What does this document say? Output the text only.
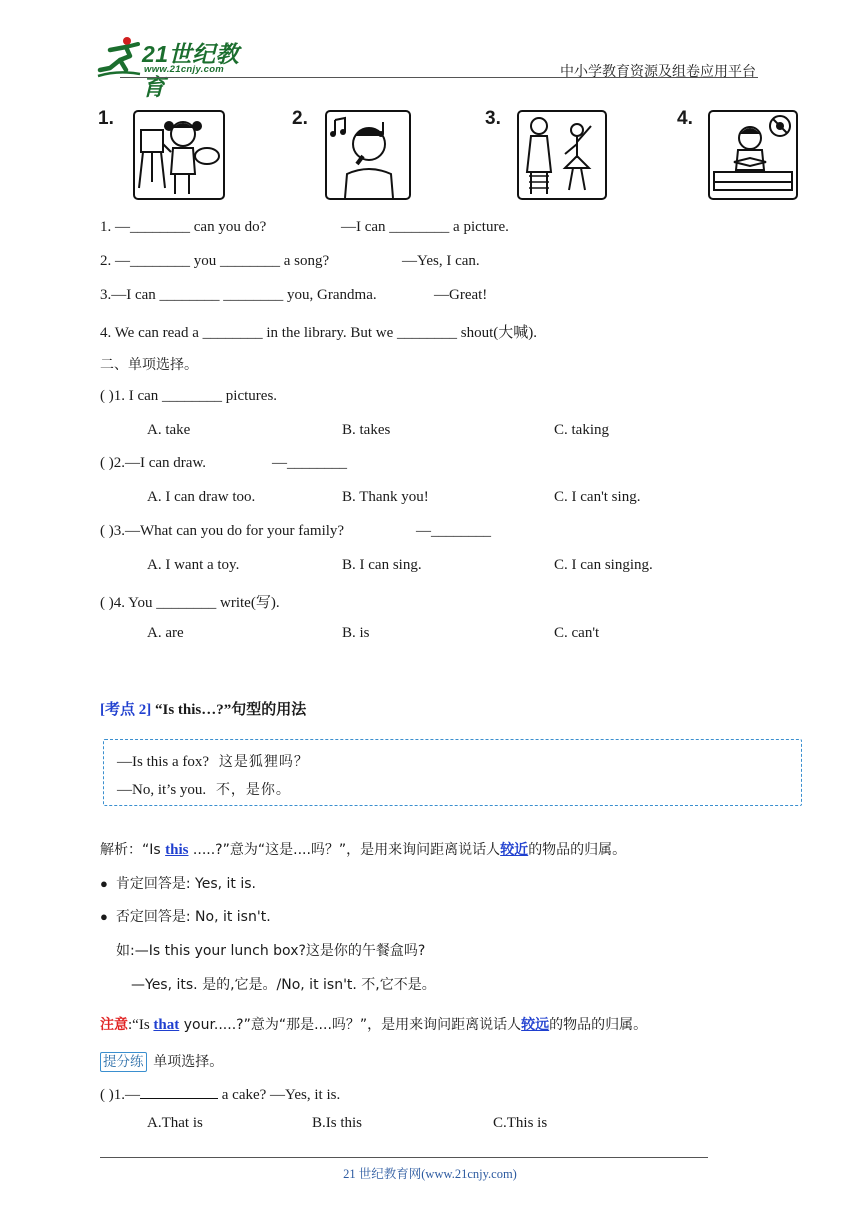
21世纪教育
www.21cnjy.com	中小学教育资源及组卷应用平台
1.	2.	3.	4.
1. —________ can you do?	—I can ________ a picture.
2. —________ you ________ a song?	—Yes, I can.
3.—I can ________ ________ you, Grandma.	—Great!
4. We can read a ________ in the library. But we ________ shout(大喊).
二、单项选择。
( )1. I can ________ pictures.
A. take	B. takes	C. taking
( )2.—I can draw.	—________
A. I can draw too.	B. Thank you!	C. I can't sing.
( )3.—What can you do for your family?	—________
A. I want a toy.	B. I can sing.	C. I can singing.
( )4. You ________ write(写).
A. are	B. is	C. can't
[考点 2] “Is this…?”句型的用法
—Is this a fox? 这是狐狸吗？
—No, it’s you. 不，是你。
解析：“Is this .....?”意为“这是....吗？”，是用来询问距离说话人较近的物品的归属。
● 肯定回答是: Yes, it is.
● 否定回答是: No, it isn't.
如:—Is this your lunch box?这是你的午餐盒吗?
—Yes, its. 是的,它是。/No, it isn't. 不,它不是。
注意:“Is that your.....?”意为“那是....吗？”，是用来询问距离说话人较远的物品的归属。
提分练 单项选择。
( )1.—	a cake? —Yes, it is.
A.That is	B.Is this	C.This is
21 世纪教育网(www.21cnjy.com)
